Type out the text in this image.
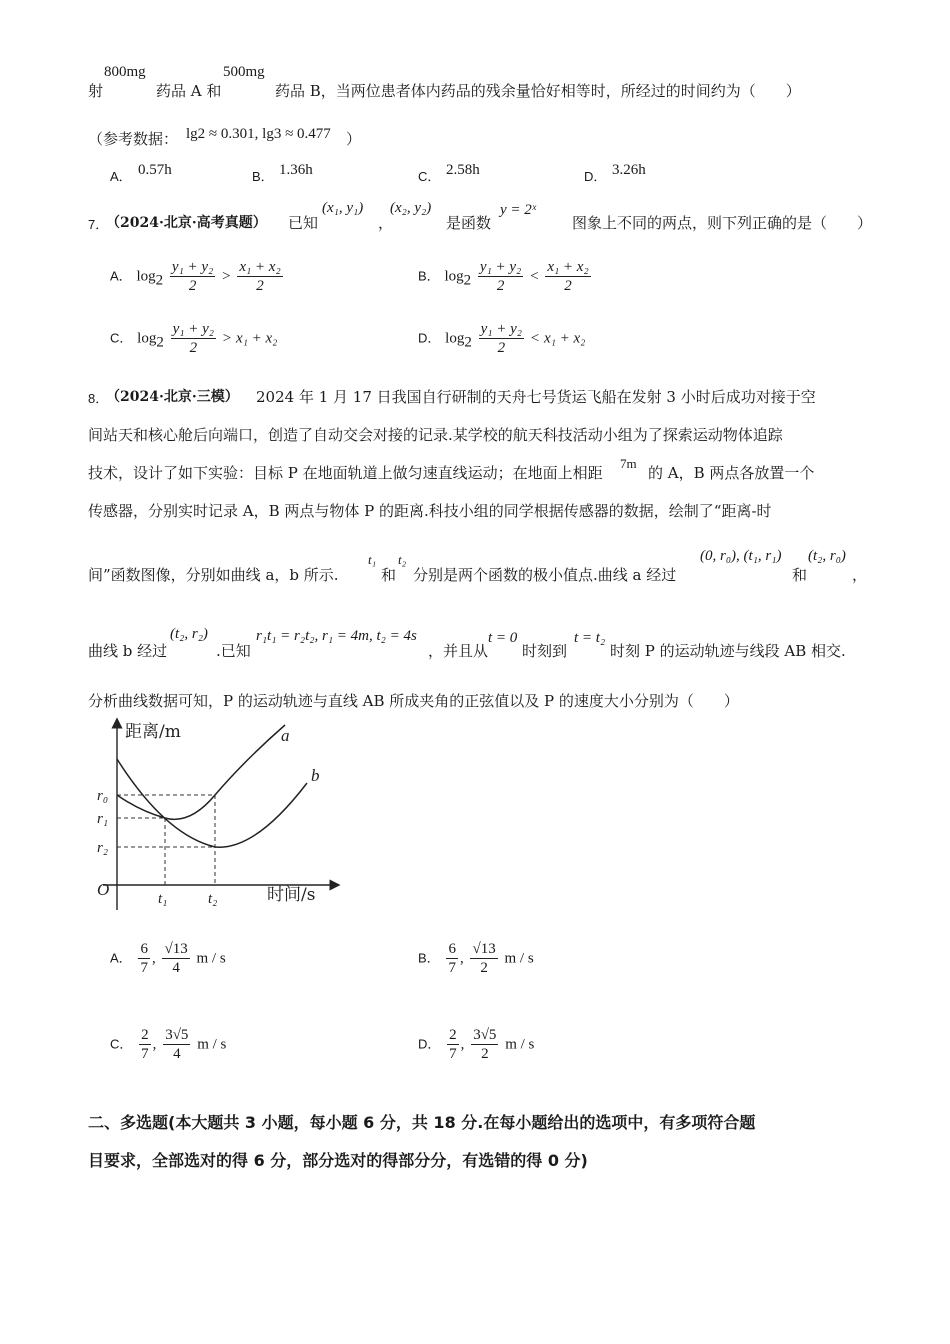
射
800mg
药品 A 和
500mg
药品 B，当两位患者体内药品的残余量恰好相等时，所经过的时间约为（　　）
（参考数据： lg2 ≈ 0.301, lg3 ≈ 0.477 ）
A． 0.57h	B． 1.36h	C． 2.58h	D． 3.26h
7．
（2024·北京·高考真题） 已知
(x₁, y₁)
，
(x₂, y₂)
是函数
y = 2ˣ
图象上不同的两点，则下列正确的是（　　）
A． $\log_2 \frac{\text{y₁ + y₂}}{2} > \frac{\text{x₁ + x₂}}{2}$	B． $\log_2 \frac{\text{y₁ + y₂}}{2} < \frac{\text{x₁ + x₂}}{2}$
C． $\log_2 \frac{\text{y₁ + y₂}}{2} > x_1 + x_2$	D． $\log_2 \frac{\text{y₁ + y₂}}{2} < x_1 + x_2$
8．
（2024·北京·三模） 2024 年 1 月 17 日我国自行研制的天舟七号货运飞船在发射 3 小时后成功对接于空
间站天和核心舱后向端口，创造了自动交会对接的记录.某学校的航天科技活动小组为了探索运动物体追踪
技术，设计了如下实验：目标 P 在地面轨道上做匀速直线运动；在地面上相距
7m
的 A，B 两点各放置一个
传感器，分别实时记录 A，B 两点与物体 P 的距离.科技小组的同学根据传感器的数据，绘制了“距离-时
间”函数图像，分别如曲线 a，b 所示.
t₁
和
t₂
分别是两个函数的极小值点.曲线 a 经过
(0, r₀), (t₁, r₁)
和
(t₂, r₀)
，
曲线 b 经过
(t₂, r₂)
.已知
r₁t₁ = r₂t₂, r₁ = 4m, t₂ = 4s
，并且从
t = 0
时刻到
t = t₂
时刻 P 的运动轨迹与线段 AB 相交.
分析曲线数据可知，P 的运动轨迹与直线 AB 所成夹角的正弦值以及 P 的速度大小分别为（　　）
距离/m
时间/s
O
a
b
r₀
r₁
r₂
t₁	t₂
A． $\frac{6}{7}$ , $\frac{√13}{4}$ m / s	B． $\frac{6}{7}$ , $\frac{√13}{2}$ m / s
C． $\frac{2}{7}$ , $\frac{3√5}{4}$ m / s	D． $\frac{2}{7}$ , $\frac{3√5}{2}$ m / s
二、多选题(本大题共 3 小题，每小题 6 分，共 18 分.在每小题给出的选项中，有多项符合题
目要求，全部选对的得 6 分，部分选对的得部分分，有选错的得 0 分)
